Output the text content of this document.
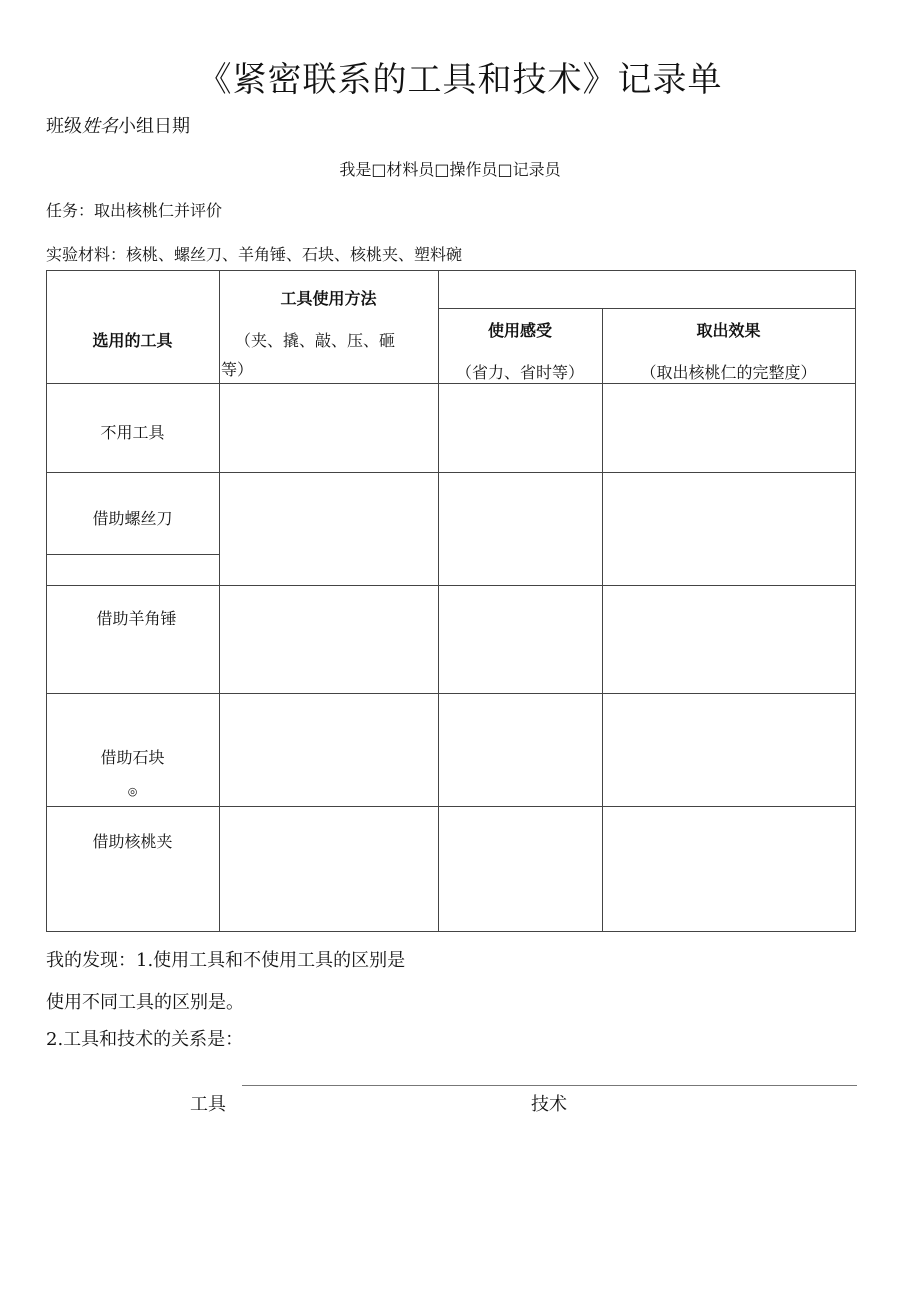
《紧密联系的工具和技术》记录单
班级姓名小组日期
我是□材料员□操作员□记录员
任务：取出核桃仁并评价
实验材料：核桃、螺丝刀、羊角锤、石块、核桃夹、塑料碗
选用的工具
工具使用方法
（夹、撬、敲、压、砸
等）
使用感受
（省力、省时等）
取出效果
（取出核桃仁的完整度）
不用工具
借助螺丝刀
借助羊角锤
借助石块
◎
借助核桃夹
我的发现：1.使用工具和不使用工具的区别是
使用不同工具的区别是。
2.工具和技术的关系是：
工具	技术
